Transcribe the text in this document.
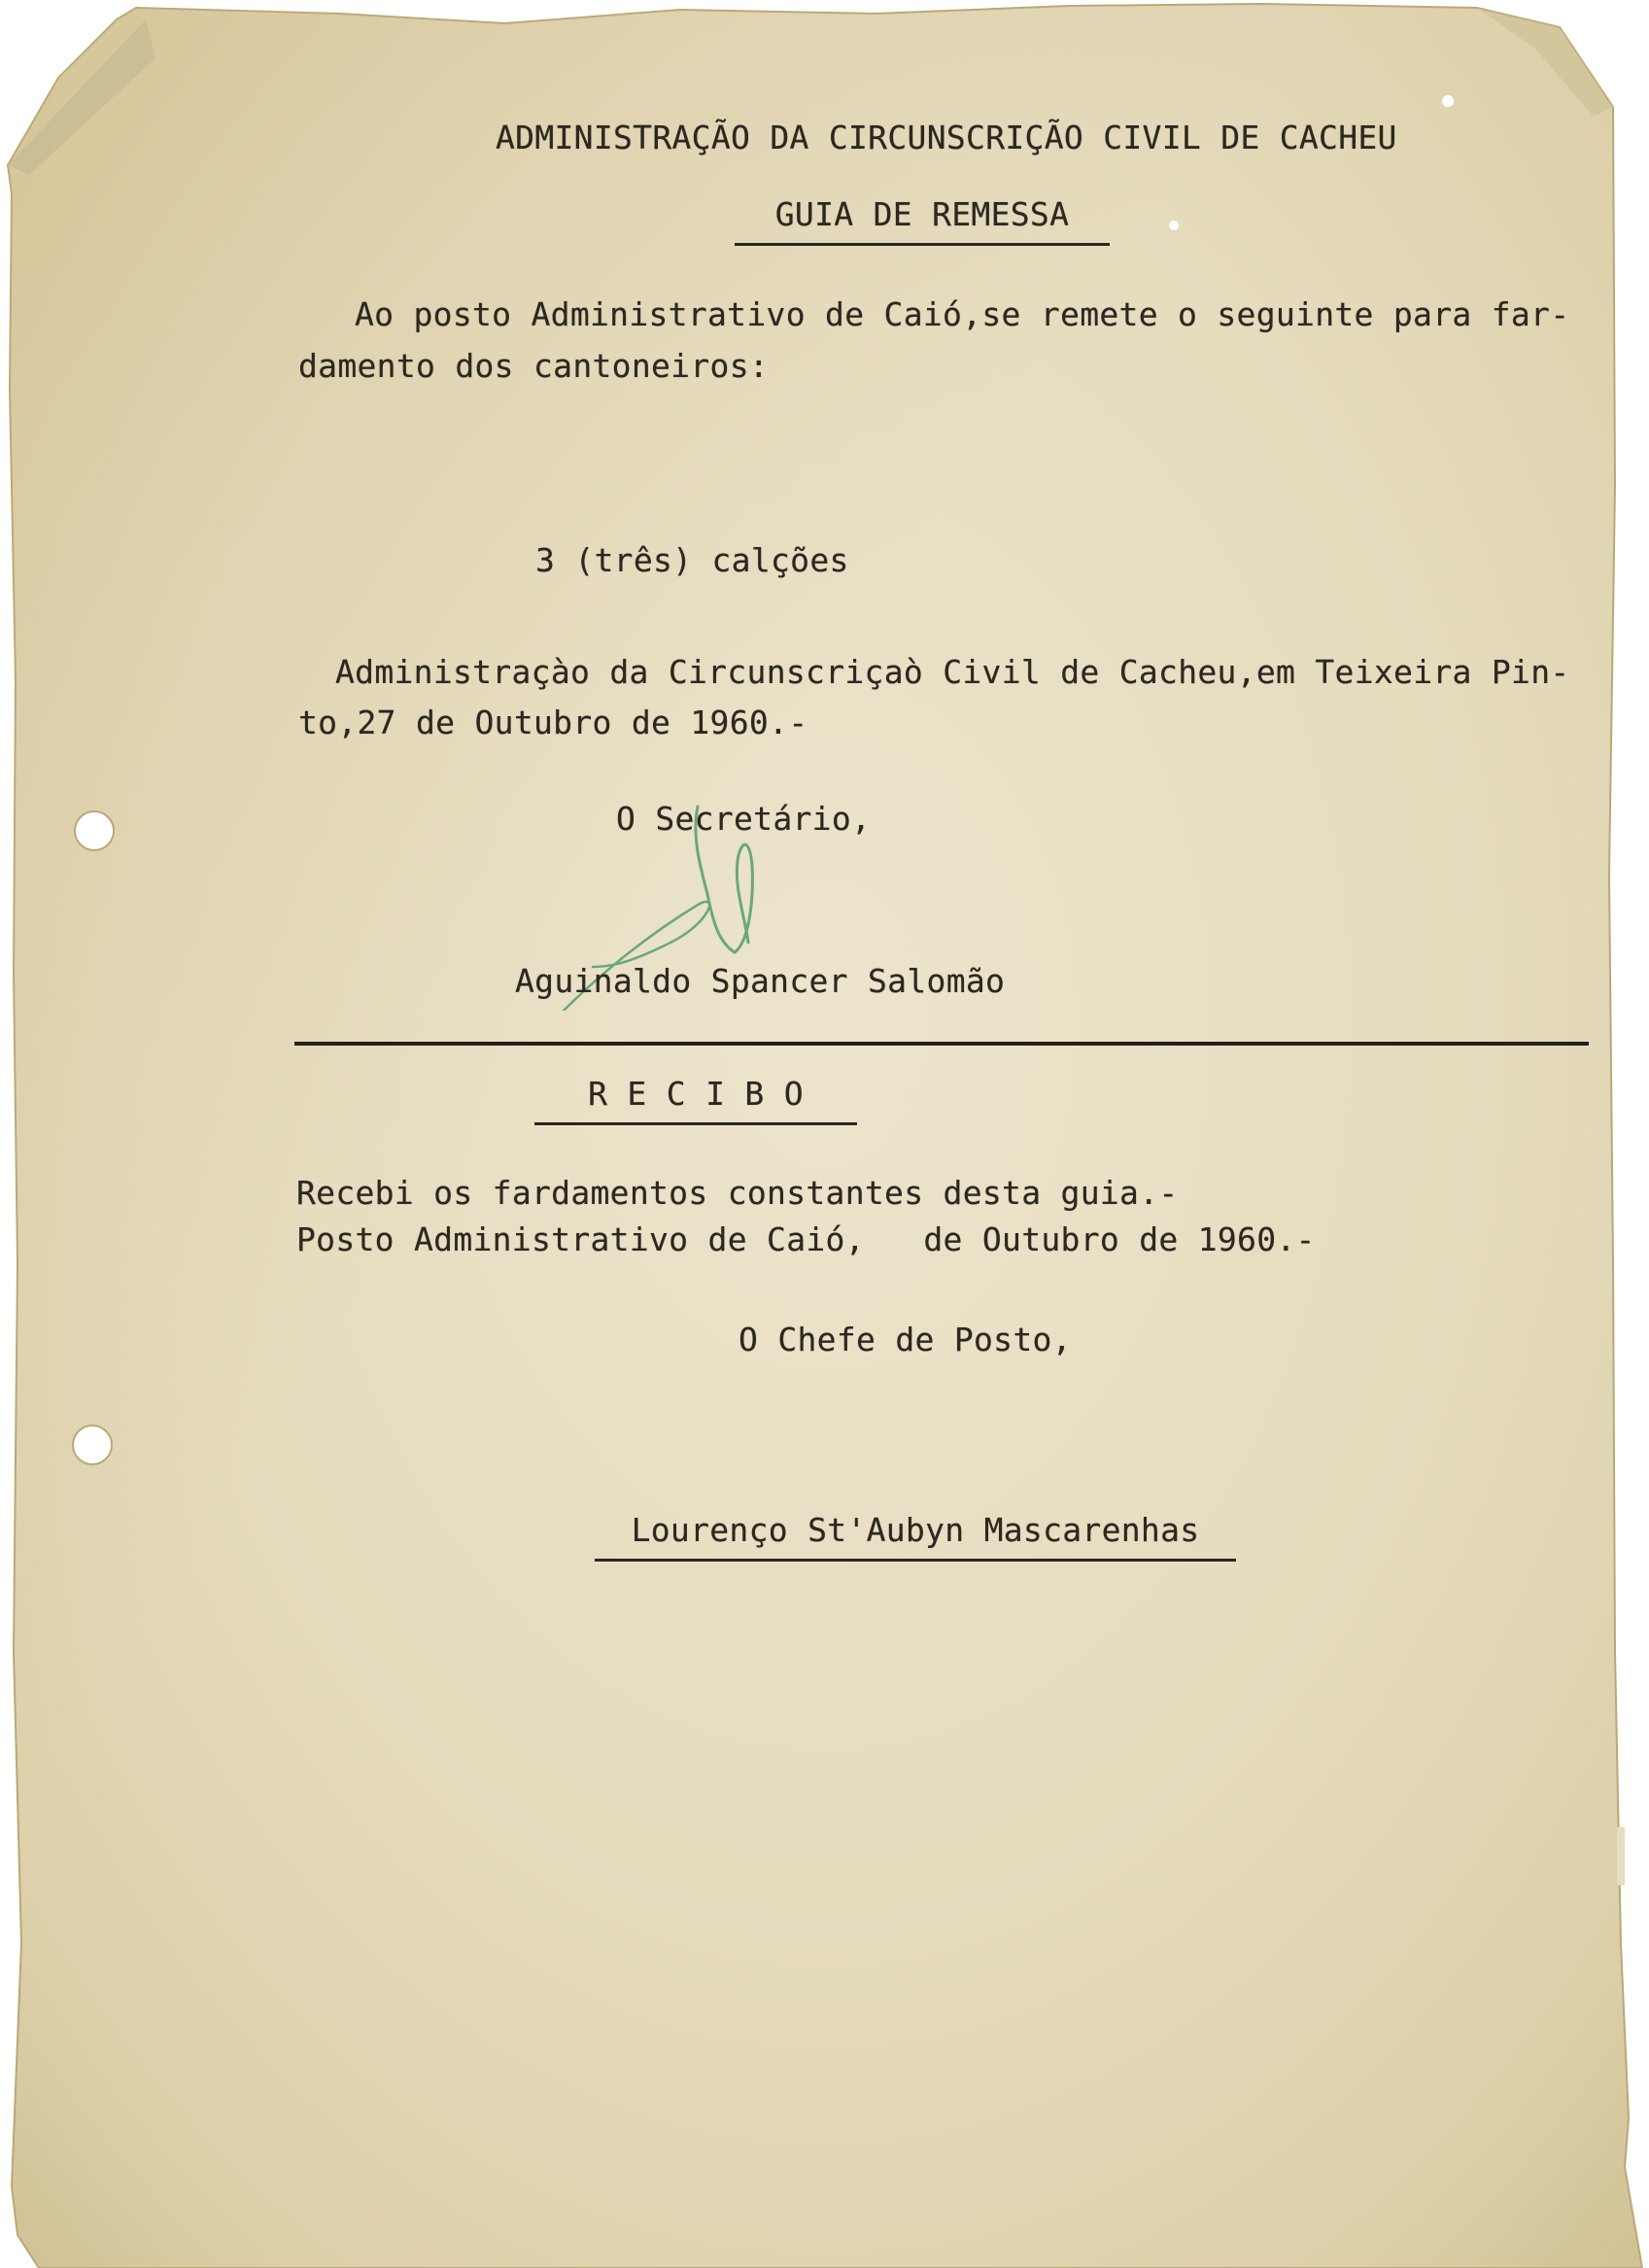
ADMINISTRAÇÃO DA CIRCUNSCRIÇÃO CIVIL DE CACHEU
GUIA DE REMESSA
Ao posto Administrativo de Caió,se remete o seguinte para far-
damento dos cantoneiros:
3 (três) calções
Administraçào da Circunscriçaò Civil de Cacheu,em Teixeira Pin-
to,27 de Outubro de 1960.-
O Secretário,
Aguinaldo Spancer Salomão
R E C I B O
Recebi os fardamentos constantes desta guia.-
Posto Administrativo de Caió,   de Outubro de 1960.-
O Chefe de Posto,
Lourenço St'Aubyn Mascarenhas
